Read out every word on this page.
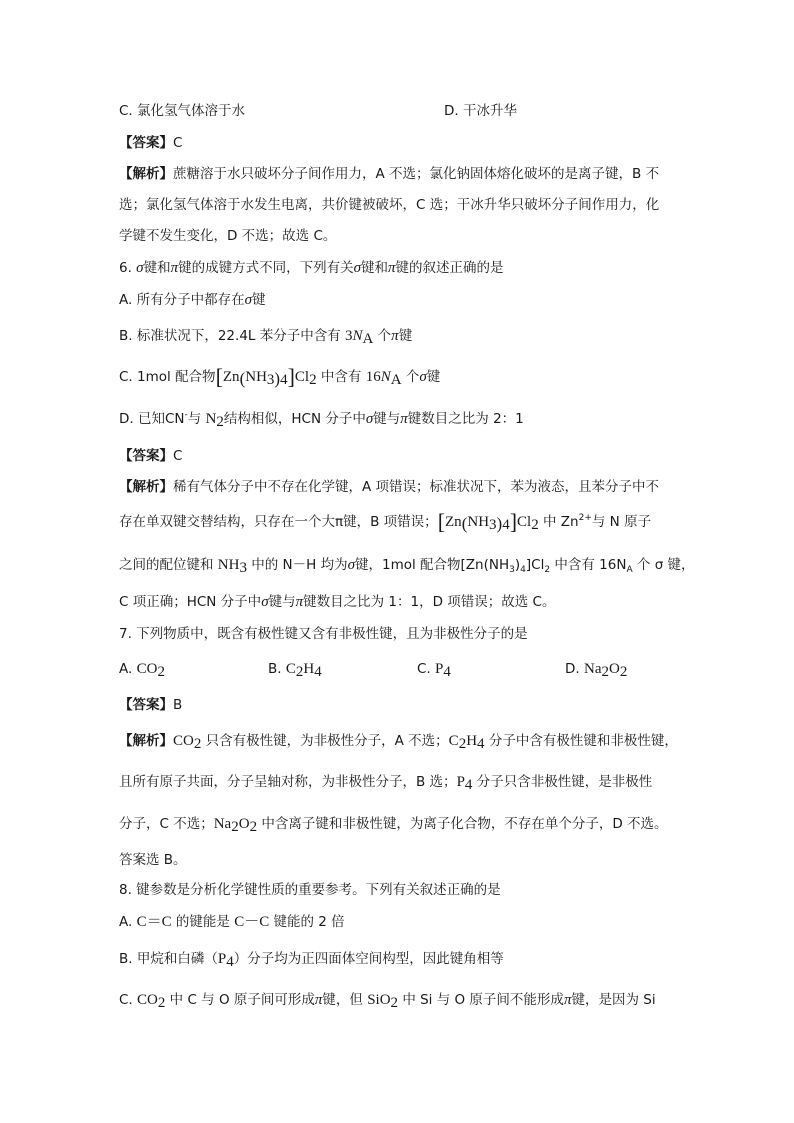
C. 氯化氢气体溶于水	D. 干冰升华
【答案】C
【解析】蔗糖溶于水只破坏分子间作用力，A 不选；氯化钠固体熔化破坏的是离子键，B 不
选；氯化氢气体溶于水发生电离，共价键被破坏，C 选；干冰升华只破坏分子间作用力，化
学键不发生变化，D 不选；故选 C。
6. σ键和π键的成键方式不同，下列有关σ键和π键的叙述正确的是
A. 所有分子中都存在σ键
B. 标准状况下，22.4L 苯分子中含有 $3N_A$ 个π键
C. 1mol 配合物$[Zn(NH_3)_4]Cl_2$ 中含有 $16N_A$ 个σ键
D. 已知CN-与 $N_2$结构相似，HCN 分子中σ键与π键数目之比为 2：1
【答案】C
【解析】稀有气体分子中不存在化学键，A 项错误；标准状况下，苯为液态，且苯分子中不
存在单双键交替结构，只存在一个大π键，B 项错误；$[Zn(NH_3)_4]Cl_2$ 中 $Zn^{2+}$与 N 原子
之间的配位键和 $NH_3$ 中的 N－H 均为σ键，1mol 配合物$[Zn(NH_3)_4]Cl_2$ 中含有 $16N_A$ 个 σ 键，
C 项正确；HCN 分子中σ键与π键数目之比为 1：1，D 项错误；故选 C。
7. 下列物质中，既含有极性键又含有非极性键，且为非极性分子的是
A. $CO_2$	B. $C_2H_4$	C. $P_4$	D. $Na_2O_2$
【答案】B
【解析】$CO_2$ 只含有极性键，为非极性分子，A 不选；$C_2H_4$ 分子中含有极性键和非极性键，
且所有原子共面，分子呈轴对称，为非极性分子，B 选；$P_4$ 分子只含非极性键，是非极性
分子，C 不选；$Na_2O_2$ 中含离子键和非极性键，为离子化合物，不存在单个分子，D 不选。
答案选 B。
8. 键参数是分析化学键性质的重要参考。下列有关叙述正确的是
A. C＝C 的键能是 C－C 键能的 2 倍
B. 甲烷和白磷$(P_4)$分子均为正四面体空间构型，因此键角相等
C. $CO_2$ 中 C 与 O 原子间可形成π键，但 SiO$_2$ 中 Si 与 O 原子间不能形成π键，是因为 Si
